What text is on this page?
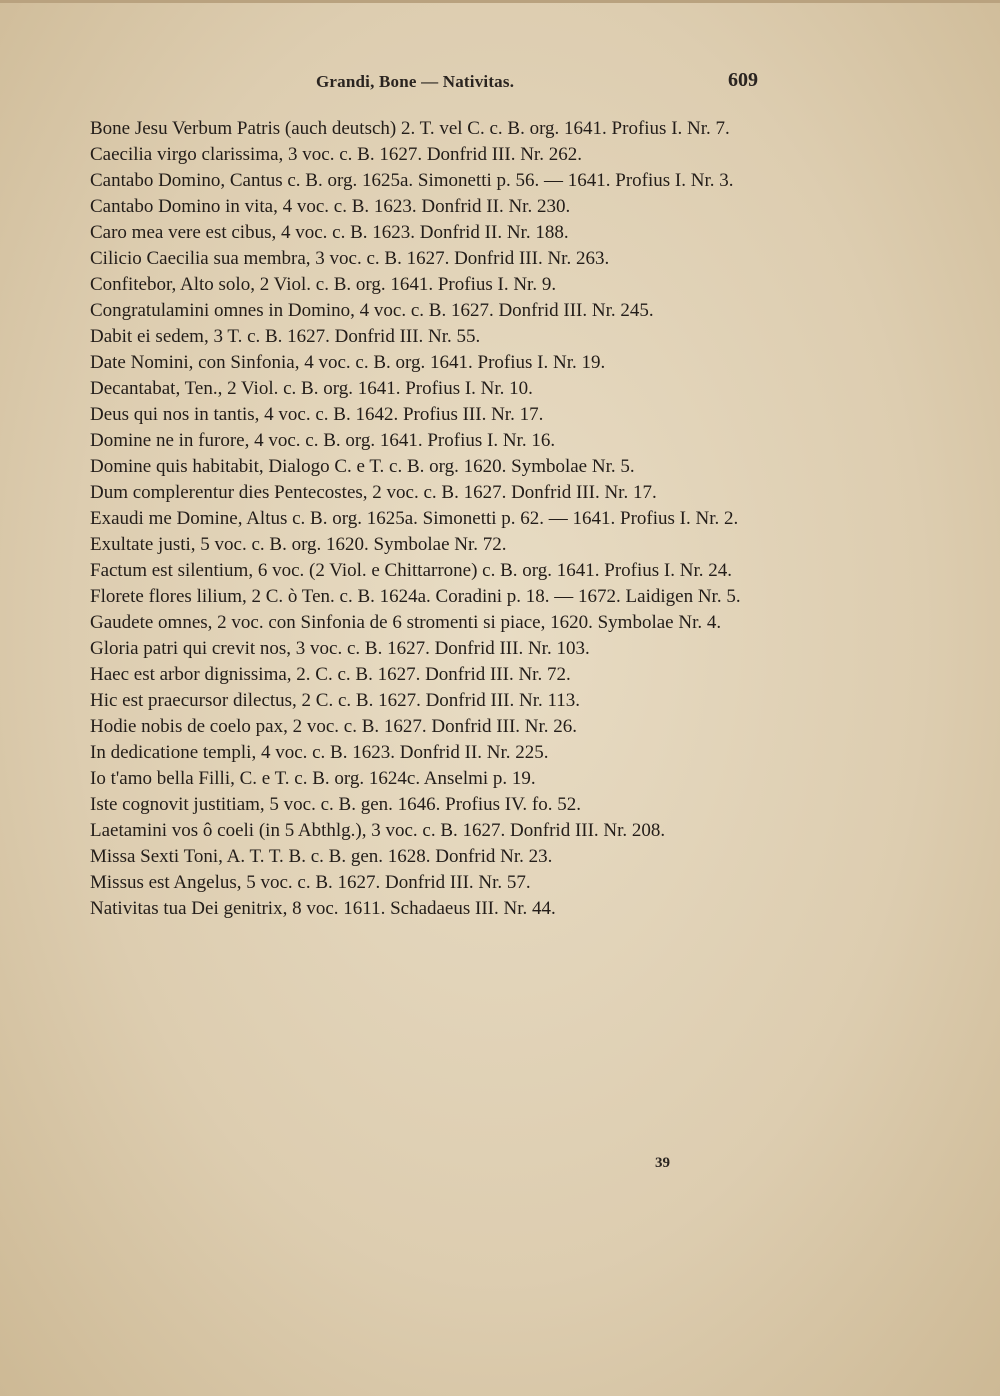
Grandi, Bone — Nativitas.	609
Bone Jesu Verbum Patris (auch deutsch) 2. T. vel C. c. B. org. 1641. Profius I. Nr. 7.
Caecilia virgo clarissima, 3 voc. c. B. 1627. Donfrid III. Nr. 262.
Cantabo Domino, Cantus c. B. org. 1625a. Simonetti p. 56. — 1641. Profius I. Nr. 3.
Cantabo Domino in vita, 4 voc. c. B. 1623. Donfrid II. Nr. 230.
Caro mea vere est cibus, 4 voc. c. B. 1623. Donfrid II. Nr. 188.
Cilicio Caecilia sua membra, 3 voc. c. B. 1627. Donfrid III. Nr. 263.
Confitebor, Alto solo, 2 Viol. c. B. org. 1641. Profius I. Nr. 9.
Congratulamini omnes in Domino, 4 voc. c. B. 1627. Donfrid III. Nr. 245.
Dabit ei sedem, 3 T. c. B. 1627. Donfrid III. Nr. 55.
Date Nomini, con Sinfonia, 4 voc. c. B. org. 1641. Profius I. Nr. 19.
Decantabat, Ten., 2 Viol. c. B. org. 1641. Profius I. Nr. 10.
Deus qui nos in tantis, 4 voc. c. B. 1642. Profius III. Nr. 17.
Domine ne in furore, 4 voc. c. B. org. 1641. Profius I. Nr. 16.
Domine quis habitabit, Dialogo C. e T. c. B. org. 1620. Symbolae Nr. 5.
Dum complerentur dies Pentecostes, 2 voc. c. B. 1627. Donfrid III. Nr. 17.
Exaudi me Domine, Altus c. B. org. 1625a. Simonetti p. 62. — 1641. Profius I. Nr. 2.
Exultate justi, 5 voc. c. B. org. 1620. Symbolae Nr. 72.
Factum est silentium, 6 voc. (2 Viol. e Chittarrone) c. B. org. 1641. Profius I. Nr. 24.
Florete flores lilium, 2 C. ò Ten. c. B. 1624a. Coradini p. 18. — 1672. Laidigen Nr. 5.
Gaudete omnes, 2 voc. con Sinfonia de 6 stromenti si piace, 1620. Symbolae Nr. 4.
Gloria patri qui crevit nos, 3 voc. c. B. 1627. Donfrid III. Nr. 103.
Haec est arbor dignissima, 2. C. c. B. 1627. Donfrid III. Nr. 72.
Hic est praecursor dilectus, 2 C. c. B. 1627. Donfrid III. Nr. 113.
Hodie nobis de coelo pax, 2 voc. c. B. 1627. Donfrid III. Nr. 26.
In dedicatione templi, 4 voc. c. B. 1623. Donfrid II. Nr. 225.
Io t'amo bella Filli, C. e T. c. B. org. 1624c. Anselmi p. 19.
Iste cognovit justitiam, 5 voc. c. B. gen. 1646. Profius IV. fo. 52.
Laetamini vos ô coeli (in 5 Abthlg.), 3 voc. c. B. 1627. Donfrid III. Nr. 208.
Missa Sexti Toni, A. T. T. B. c. B. gen. 1628. Donfrid Nr. 23.
Missus est Angelus, 5 voc. c. B. 1627. Donfrid III. Nr. 57.
Nativitas tua Dei genitrix, 8 voc. 1611. Schadaeus III. Nr. 44.
39
